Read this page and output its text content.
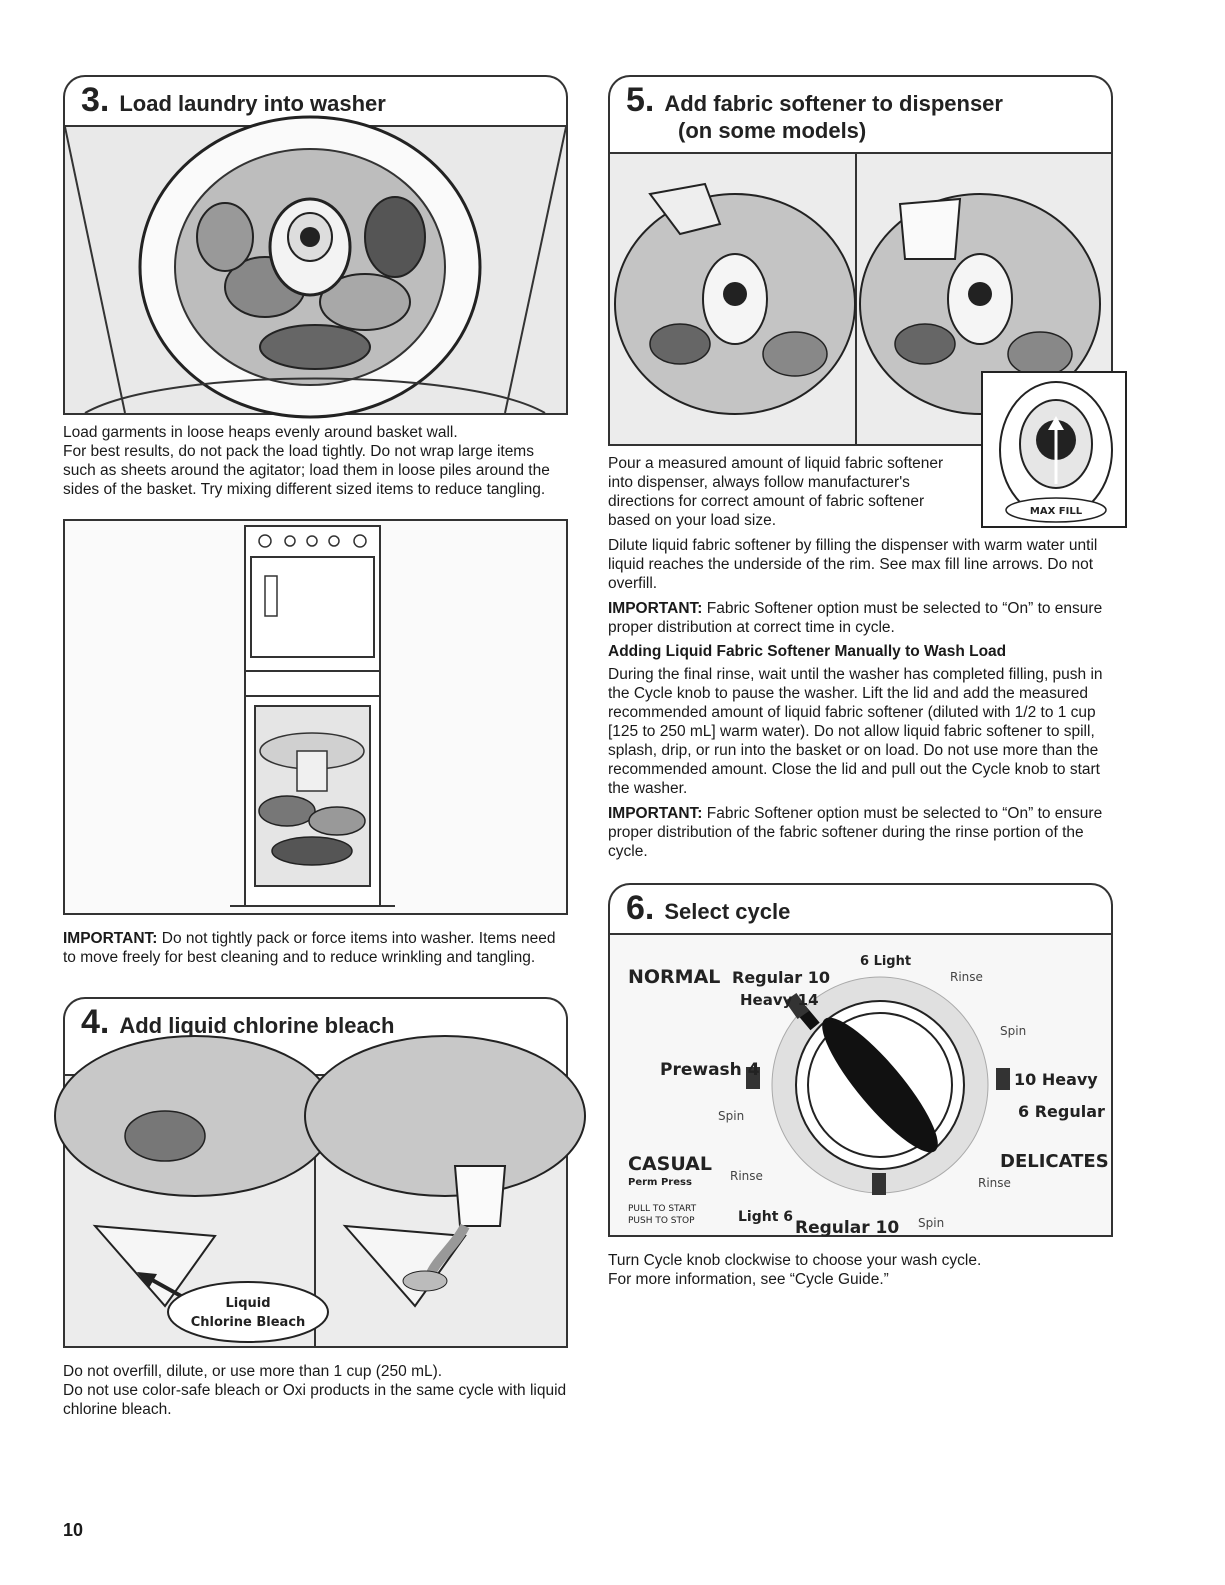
3. Load laundry into washer

Load garments in loose heaps evenly around basket wall.

For best results, do not pack the load tightly. Do not wrap large items such as sheets around the agitator; load them in loose piles around the sides of the basket. Try mixing different sized items to reduce tangling.

IMPORTANT: Do not tightly pack or force items into washer. Items need to move freely for best cleaning and to reduce wrinkling and tangling.

4. Add liquid chlorine bleach
Liquid
Chlorine Bleach

Do not overfill, dilute, or use more than 1 cup (250 mL).

Do not use color-safe bleach or Oxi products in the same cycle with liquid chlorine bleach.

5. Add fabric softener to dispenser
(on some models)
MAX FILL

Pour a measured amount of liquid fabric softener into dispenser, always follow manufacturer's directions for correct amount of fabric softener based on your load size.

Dilute liquid fabric softener by filling the dispenser with warm water until liquid reaches the underside of the rim. See max fill line arrows. Do not overfill.

IMPORTANT: Fabric Softener option must be selected to “On” to ensure proper distribution at correct time in cycle.

Adding Liquid Fabric Softener Manually to Wash Load

During the final rinse, wait until the washer has completed filling, push in the Cycle knob to pause the washer. Lift the lid and add the measured recommended amount of liquid fabric softener (diluted with 1/2 to 1 cup [125 to 250 mL] warm water). Do not allow liquid fabric softener to spill, splash, drip, or run into the basket or on load. Do not use more than the recommended amount. Close the lid and pull out the Cycle knob to start the washer.

IMPORTANT: Fabric Softener option must be selected to “On” to ensure proper distribution of the fabric softener during the rinse portion of the cycle.

6. Select cycle
NORMAL Regular 10
6 Light
Heavy 14
Rinse
Spin
Prewash 4	10 Heavy
6 Regular
Spin
CASUAL
Perm Press	Rinse
DELICATES
Rinse
PULL TO START
PUSH TO STOP	Light 6
Regular 10 Spin

Turn Cycle knob clockwise to choose your wash cycle.

For more information, see “Cycle Guide.”

10
